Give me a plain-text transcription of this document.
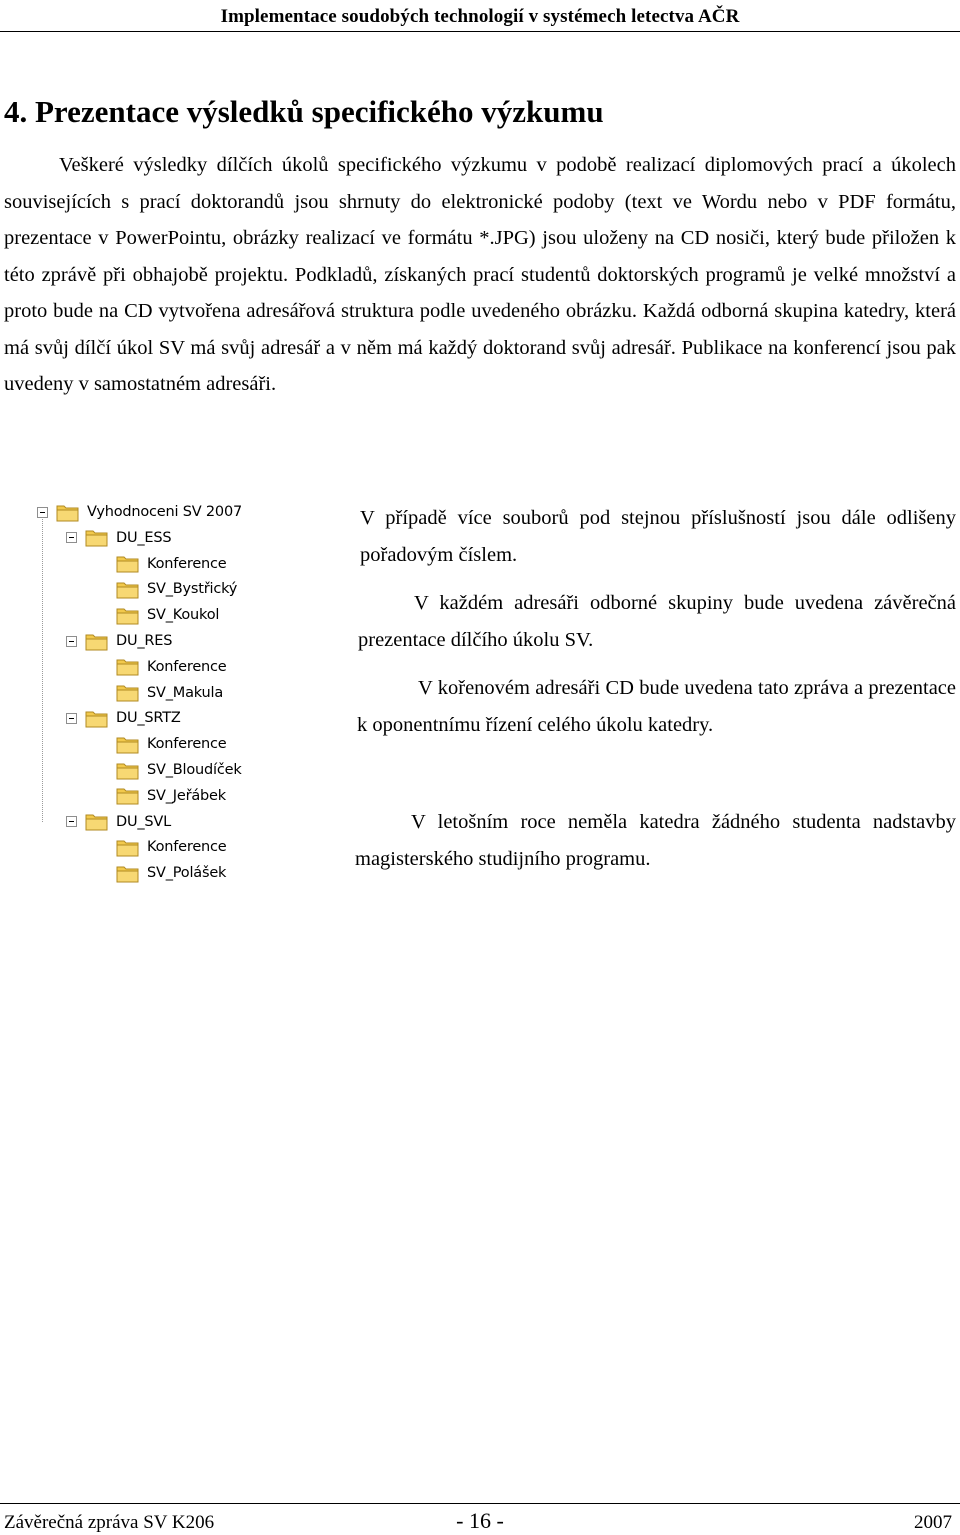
Implementace soudobých technologií v systémech letectva AČR
4. Prezentace výsledků specifického výzkumu

Veškeré výsledky dílčích úkolů specifického výzkumu v podobě realizací diplomových prací a úkolech souvisejících s prací doktorandů jsou shrnuty do elektronické podoby (text ve Wordu nebo v PDF formátu, prezentace v PowerPointu, obrázky realizací ve formátu *.JPG) jsou uloženy na CD nosiči, který bude přiložen k této zprávě při obhajobě projektu. Podkladů, získaných prací studentů doktorských programů je velké množství a proto bude na CD vytvořena adresářová struktura podle uvedeného obrázku. Každá odborná skupina katedry, která má svůj dílčí úkol SV má svůj adresář a v něm má každý doktorand svůj adresář. Publikace na konferencí jsou pak uvedeny v samostatném adresáři.

Vyhodnoceni SV 2007
DU_ESS
Konference
SV_Bystřický
SV_Koukol
DU_RES
Konference
SV_Makula
DU_SRTZ
Konference
SV_Bloudíček
SV_Jeřábek
DU_SVL
Konference
SV_Polášek

V případě více souborů pod stejnou příslušností jsou dále odlišeny pořadovým číslem.

V každém adresáři odborné skupiny bude uvedena závěrečná prezentace dílčího úkolu SV.

V kořenovém adresáři CD bude uvedena tato zpráva a prezentace k oponentnímu řízení celého úkolu katedry.

V letošním roce neměla katedra žádného studenta nadstavby magisterského studijního programu.

Závěrečná zpráva SV K206	- 16 -	2007
